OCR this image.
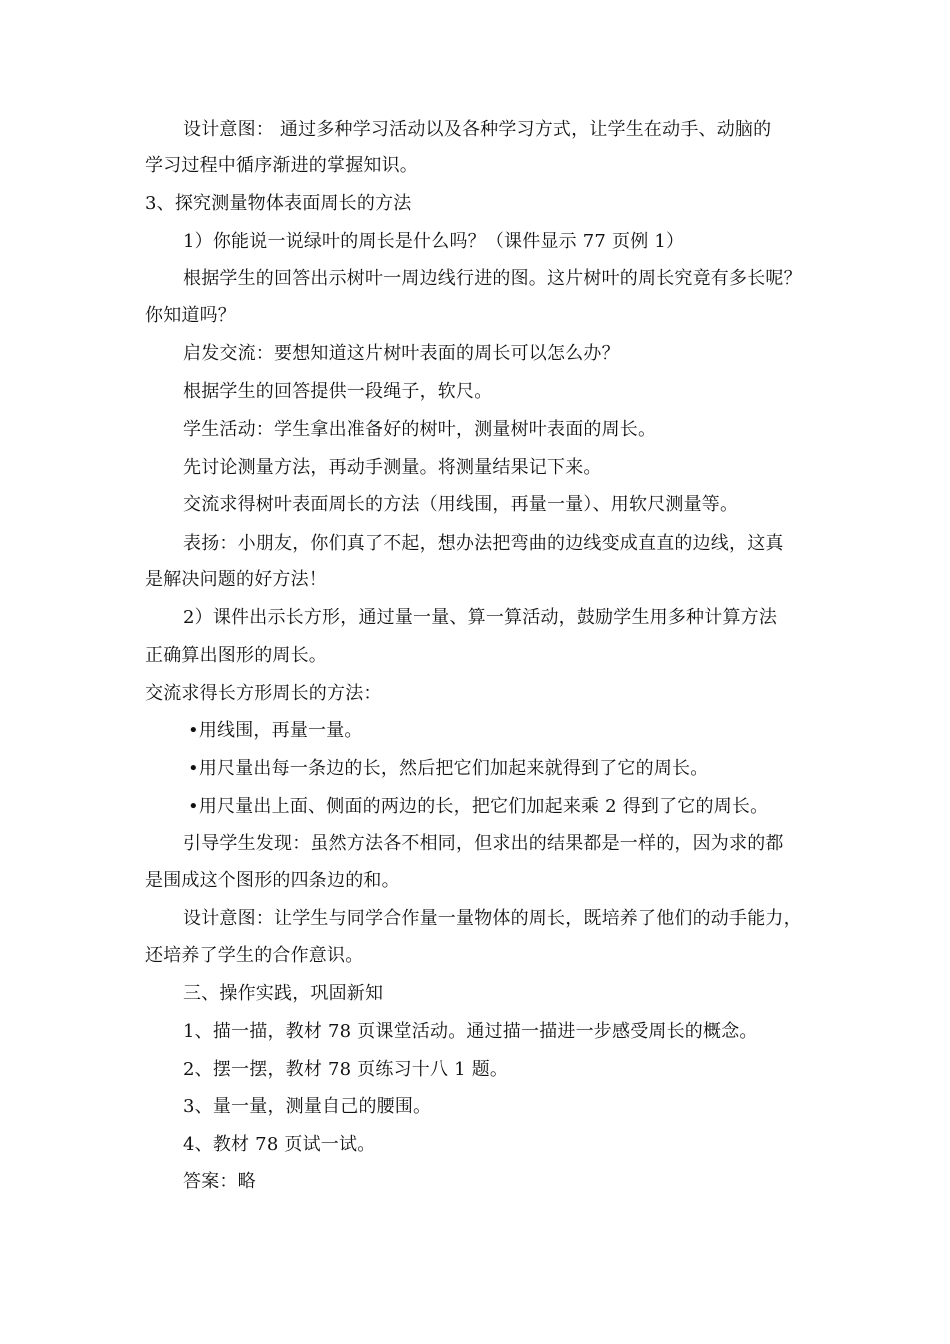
设计意图： 通过多种学习活动以及各种学习方式，让学生在动手、动脑的
学习过程中循序渐进的掌握知识。
3、探究测量物体表面周长的方法
1）你能说一说绿叶的周长是什么吗？（课件显示 77 页例 1）
根据学生的回答出示树叶一周边线行进的图。这片树叶的周长究竟有多长呢？
你知道吗？
启发交流：要想知道这片树叶表面的周长可以怎么办？
根据学生的回答提供一段绳子，软尺。
学生活动：学生拿出准备好的树叶，测量树叶表面的周长。
先讨论测量方法，再动手测量。将测量结果记下来。
交流求得树叶表面周长的方法（用线围，再量一量）、用软尺测量等。
表扬：小朋友，你们真了不起，想办法把弯曲的边线变成直直的边线，这真
是解决问题的好方法！
2）课件出示长方形，通过量一量、算一算活动，鼓励学生用多种计算方法
正确算出图形的周长。
交流求得长方形周长的方法：
•用线围，再量一量。
•用尺量出每一条边的长，然后把它们加起来就得到了它的周长。
•用尺量出上面、侧面的两边的长，把它们加起来乘 2 得到了它的周长。
引导学生发现：虽然方法各不相同，但求出的结果都是一样的，因为求的都
是围成这个图形的四条边的和。
设计意图：让学生与同学合作量一量物体的周长，既培养了他们的动手能力，
还培养了学生的合作意识。
三、操作实践，巩固新知
1、描一描，教材 78 页课堂活动。通过描一描进一步感受周长的概念。
2、摆一摆，教材 78 页练习十八 1 题。
3、量一量，测量自己的腰围。
4、教材 78 页试一试。
答案：略
